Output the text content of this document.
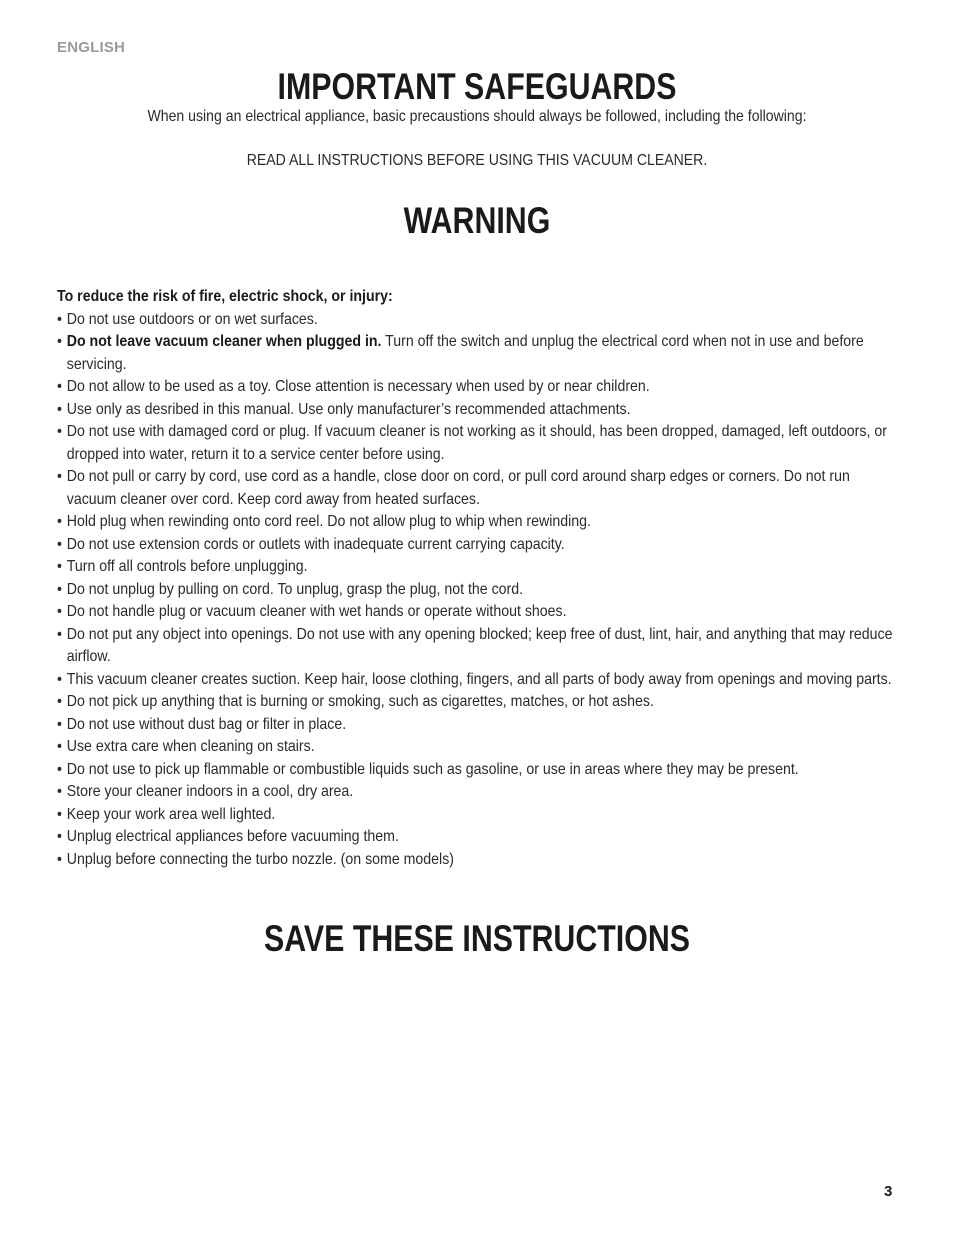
ENGLISH
IMPORTANT SAFEGUARDS
When using an electrical appliance, basic precaustions should always be followed, including the following:
READ ALL INSTRUCTIONS BEFORE USING THIS VACUUM CLEANER.
WARNING

To reduce the risk of fire, electric shock, or injury:

• Do not use outdoors or on wet surfaces.
• Do not leave vacuum cleaner when plugged in. Turn off the switch and unplug the electrical cord when not in use and before servicing.
• Do not allow to be used as a toy. Close attention is necessary when used by or near children.
• Use only as desribed in this manual. Use only manufacturer’s recommended attachments.
• Do not use with damaged cord or plug. If vacuum cleaner is not working as it should, has been dropped, damaged, left outdoors, or dropped into water, return it to a service center before using.
• Do not pull or carry by cord, use cord as a handle, close door on cord, or pull cord around sharp edges or corners. Do not run vacuum cleaner over cord. Keep cord away from heated surfaces.
• Hold plug when rewinding onto cord reel. Do not allow plug to whip when rewinding.
• Do not use extension cords or outlets with inadequate current carrying capacity.
• Turn off all controls before unplugging.
• Do not unplug by pulling on cord. To unplug, grasp the plug, not the cord.
• Do not handle plug or vacuum cleaner with wet hands or operate without shoes.
• Do not put any object into openings. Do not use with any opening blocked; keep free of dust, lint, hair, and anything that may reduce airflow.
• This vacuum cleaner creates suction. Keep hair, loose clothing, fingers, and all parts of body away from openings and moving parts.
• Do not pick up anything that is burning or smoking, such as cigarettes, matches, or hot ashes.
• Do not use without dust bag or filter in place.
• Use extra care when cleaning on stairs.
• Do not use to pick up flammable or combustible liquids such as gasoline, or use in areas where they may be present.
• Store your cleaner indoors in a cool, dry area.
• Keep your work area well lighted.
• Unplug electrical appliances before vacuuming them.
• Unplug before connecting the turbo nozzle. (on some models)
SAVE THESE INSTRUCTIONS
3
